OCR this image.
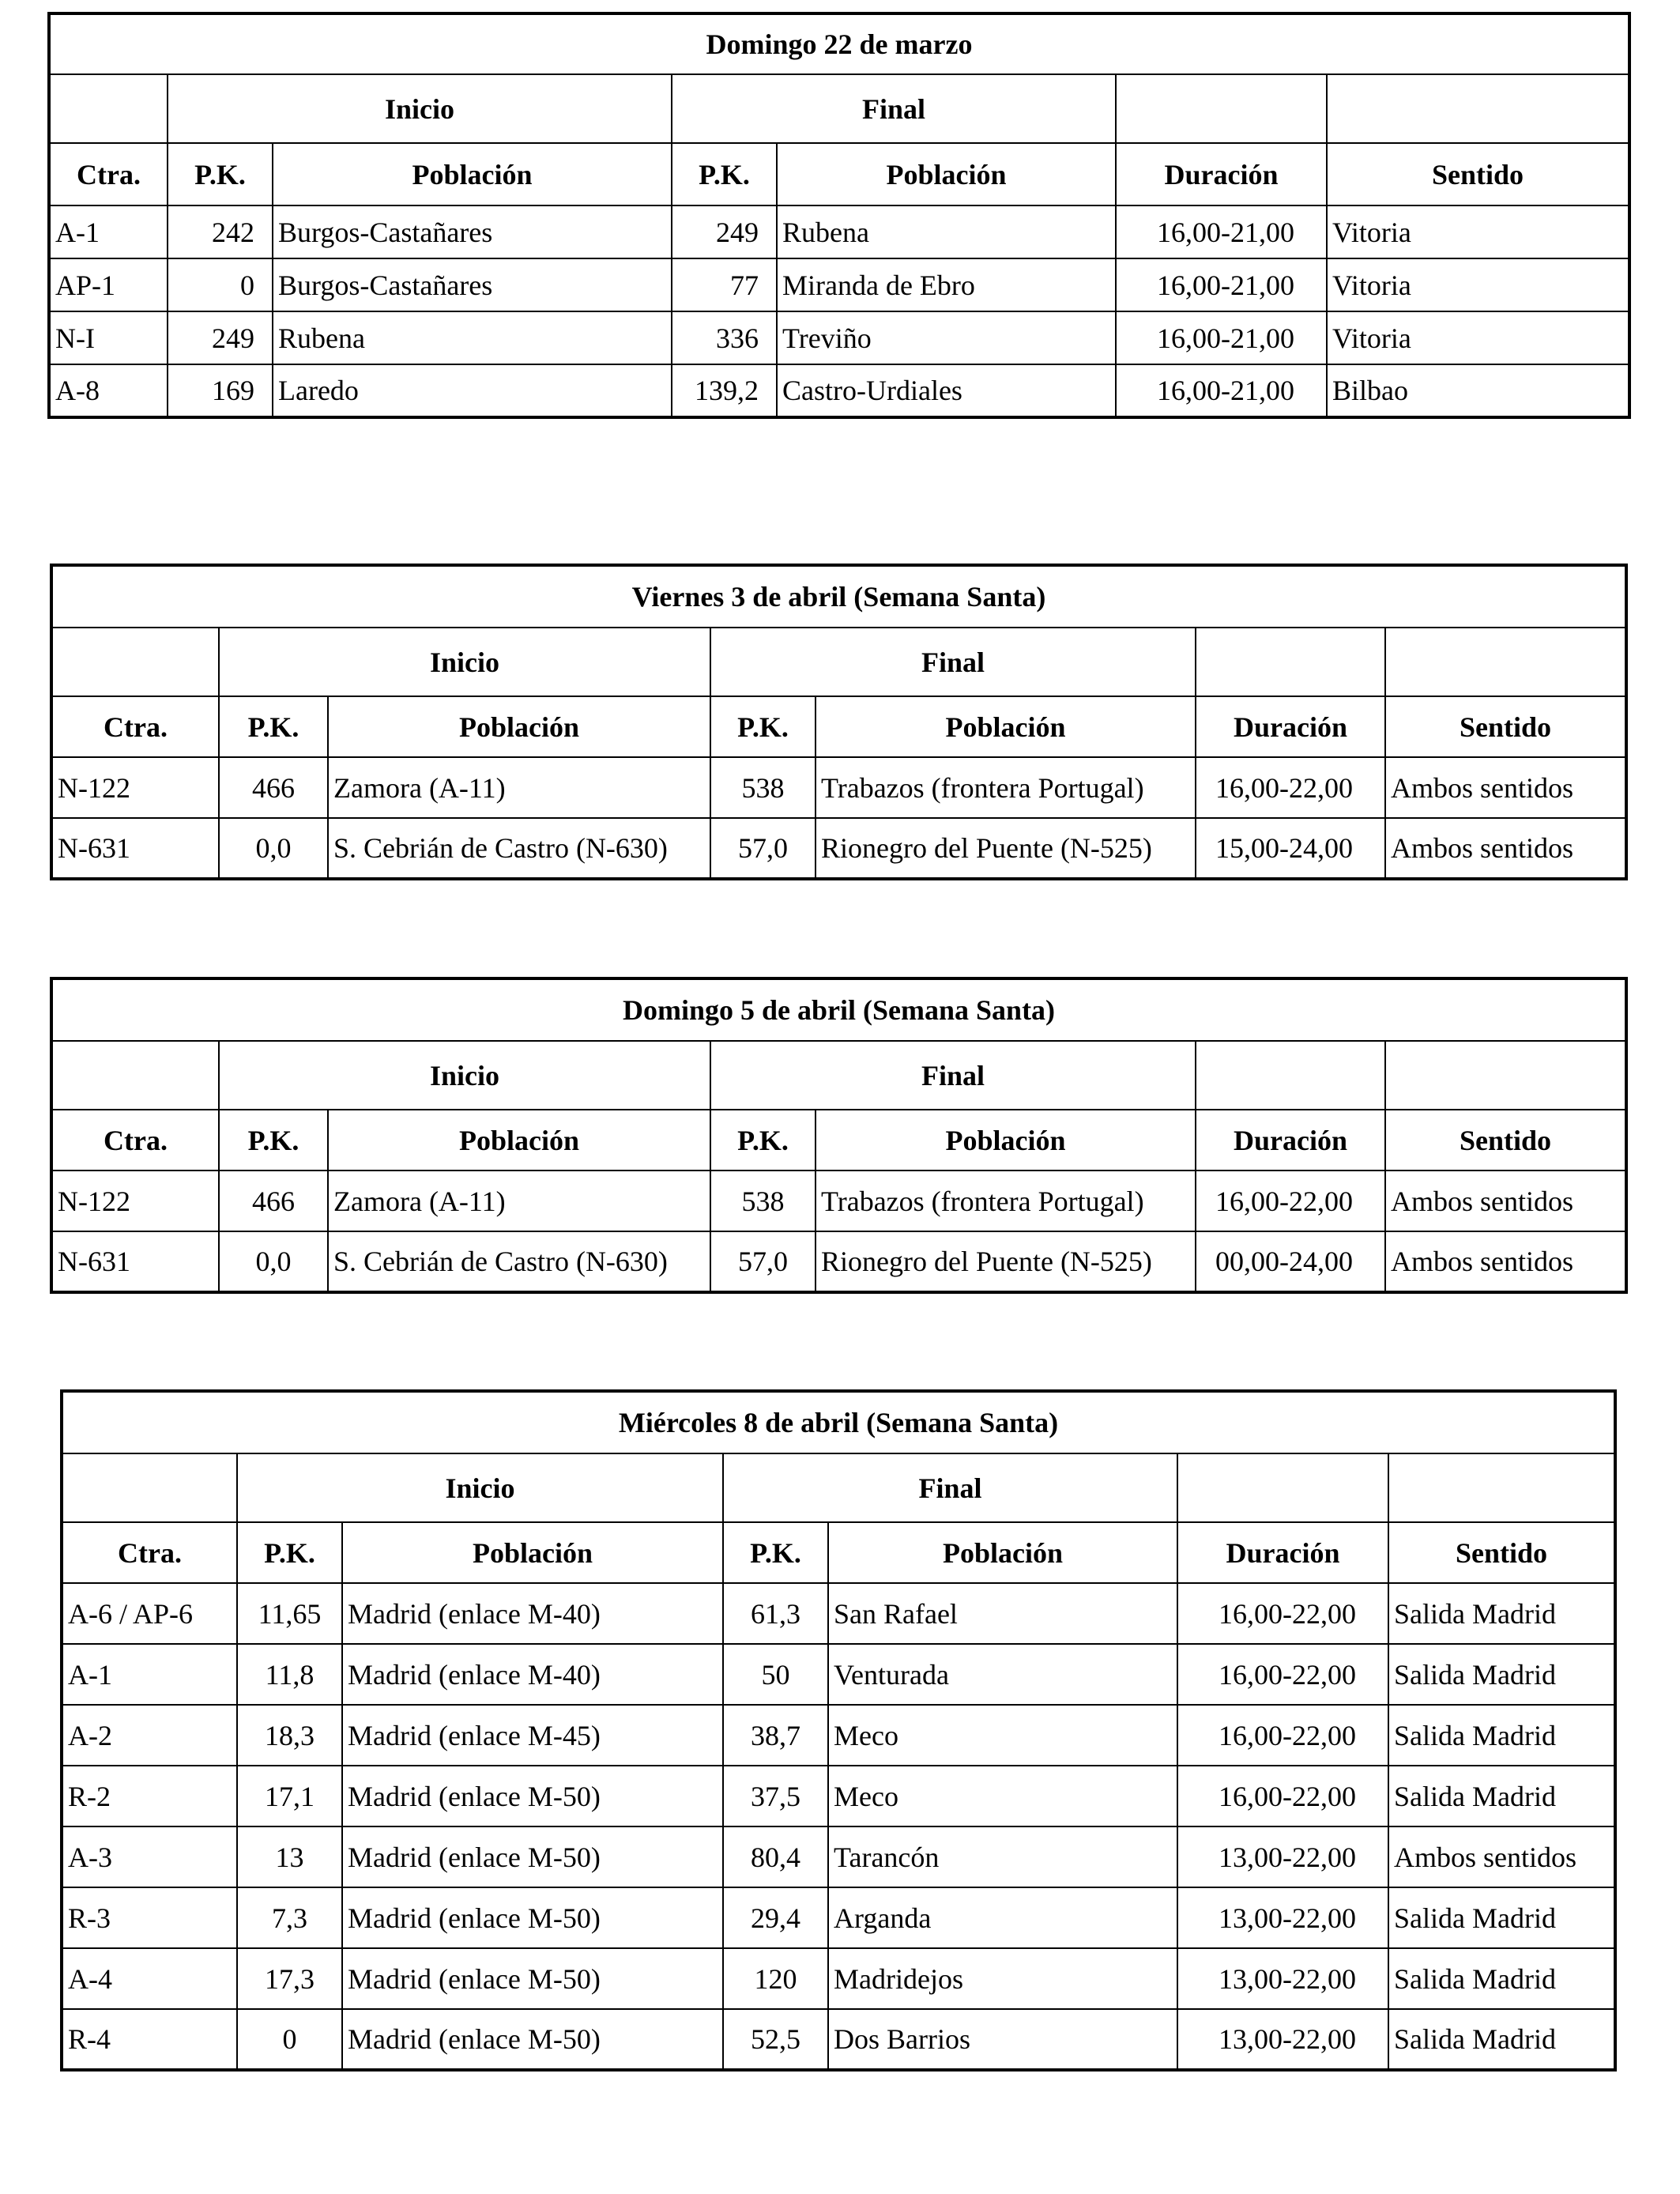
Domingo 22 de marzo						
	Inicio		Final			
Ctra.	P.K.	Población	P.K.	Población	Duración	Sentido
A-1	242	Burgos-Castañares	249	Rubena	16,00-21,00	Vitoria
AP-1	0	Burgos-Castañares	77	Miranda de Ebro	16,00-21,00	Vitoria
N-I	249	Rubena	336	Treviño	16,00-21,00	Vitoria
A-8	169	Laredo	139,2	Castro-Urdiales	16,00-21,00	Bilbao
Viernes 3 de abril (Semana Santa)						
	Inicio		Final			
Ctra.	P.K.	Población	P.K.	Población	Duración	Sentido
N-122	466	Zamora (A-11)	538	Trabazos (frontera Portugal)	16,00-22,00	Ambos sentidos
N-631	0,0	S. Cebrián de Castro (N-630)	57,0	Rionegro del Puente (N-525)	15,00-24,00	Ambos sentidos
Domingo 5 de abril (Semana Santa)						
	Inicio		Final			
Ctra.	P.K.	Población	P.K.	Población	Duración	Sentido
N-122	466	Zamora (A-11)	538	Trabazos (frontera Portugal)	16,00-22,00	Ambos sentidos
N-631	0,0	S. Cebrián de Castro (N-630)	57,0	Rionegro del Puente (N-525)	00,00-24,00	Ambos sentidos
Miércoles 8 de abril (Semana Santa)						
	Inicio		Final			
Ctra.	P.K.	Población	P.K.	Población	Duración	Sentido
A-6 / AP-6	11,65	Madrid (enlace M-40)	61,3	San Rafael	16,00-22,00	Salida Madrid
A-1	11,8	Madrid (enlace M-40)	50	Venturada	16,00-22,00	Salida Madrid
A-2	18,3	Madrid (enlace M-45)	38,7	Meco	16,00-22,00	Salida Madrid
R-2	17,1	Madrid (enlace M-50)	37,5	Meco	16,00-22,00	Salida Madrid
A-3	13	Madrid (enlace M-50)	80,4	Tarancón	13,00-22,00	Ambos sentidos
R-3	7,3	Madrid (enlace M-50)	29,4	Arganda	13,00-22,00	Salida Madrid
A-4	17,3	Madrid (enlace M-50)	120	Madridejos	13,00-22,00	Salida Madrid
R-4	0	Madrid (enlace M-50)	52,5	Dos Barrios	13,00-22,00	Salida Madrid
